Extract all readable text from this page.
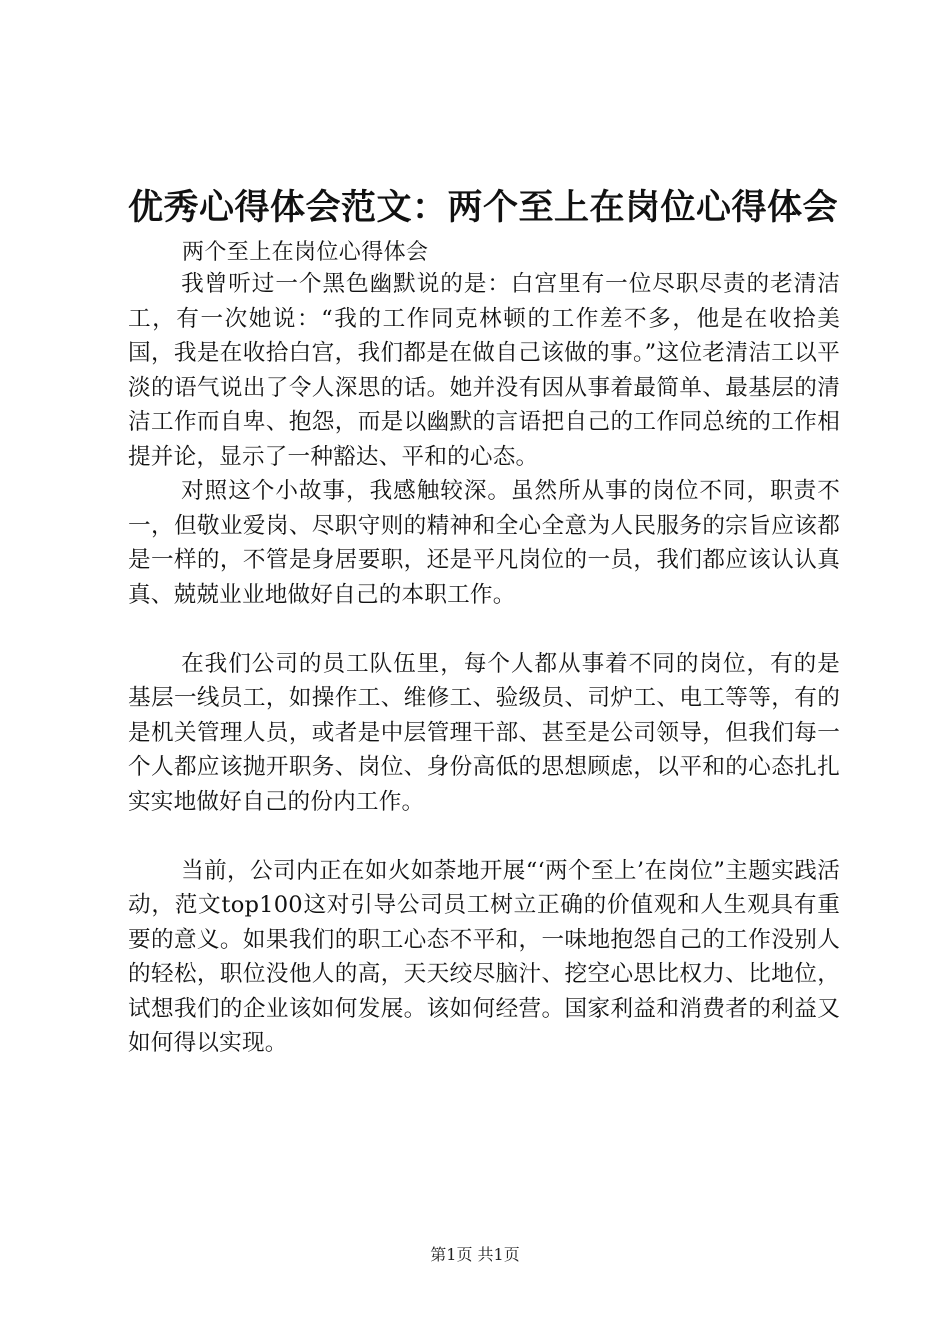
优秀心得体会范文：两个至上在岗位心得体会

两个至上在岗位心得体会

我曾听过一个黑色幽默说的是：白宫里有一位尽职尽责的老清洁工，有一次她说：“我的工作同克林顿的工作差不多，他是在收拾美国，我是在收拾白宫，我们都是在做自己该做的事。”这位老清洁工以平淡的语气说出了令人深思的话。她并没有因从事着最简单、最基层的清洁工作而自卑、抱怨，而是以幽默的言语把自己的工作同总统的工作相提并论，显示了一种豁达、平和的心态。

对照这个小故事，我感触较深。虽然所从事的岗位不同，职责不一，但敬业爱岗、尽职守则的精神和全心全意为人民服务的宗旨应该都是一样的，不管是身居要职，还是平凡岗位的一员，我们都应该认认真真、兢兢业业地做好自己的本职工作。

在我们公司的员工队伍里，每个人都从事着不同的岗位，有的是基层一线员工，如操作工、维修工、验级员、司炉工、电工等等，有的是机关管理人员，或者是中层管理干部、甚至是公司领导，但我们每一个人都应该抛开职务、岗位、身份高低的思想顾虑，以平和的心态扎扎实实地做好自己的份内工作。

当前，公司内正在如火如荼地开展“‘两个至上’在岗位”主题实践活动，范文top100这对引导公司员工树立正确的价值观和人生观具有重要的意义。如果我们的职工心态不平和，一味地抱怨自己的工作没别人的轻松，职位没他人的高，天天绞尽脑汁、挖空心思比权力、比地位，试想我们的企业该如何发展。该如何经营。国家利益和消费者的利益又如何得以实现。

第1页 共1页
